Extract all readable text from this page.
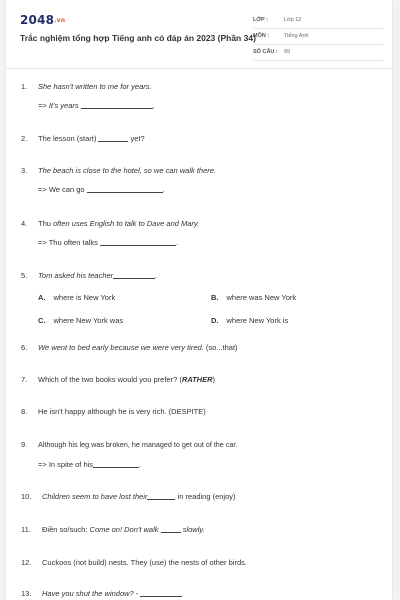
2048.vn
Trắc nghiệm tổng hợp Tiếng anh có đáp án 2023 (Phần 34)
LỚP :	Lớp 12
MÔN :	Tiếng Anh
SỐ CÂU : 99
1. She hasn't written to me for years.
=> It's years	.
2. The lesson (start)	yet?
3. The beach is close to the hotel, so we can walk there.
=> We can go	.
4. Thu often uses English to talk to Dave and Mary.
=> Thu often talks	.
5. Tom asked his teacher	.
A. where is New York	B. where was New York
C. where New York was	D. where New York is
6. We went to bed early because we were very tired. (so...that)
7. Which of the two books would you prefer? (RATHER)
8. He isn't happy although he is very rich. (DESPITE)
9. Although his leg was broken, he managed to get out of the car.
=> In spite of his	.
10. Children seem to have lost their	in reading (enjoy)
11. Điền so/such: Come on! Don't walk	slowly.
12. Cuckoos (not build) nests. They (use) the nests of other birds.
13. Have you shut the window? -
